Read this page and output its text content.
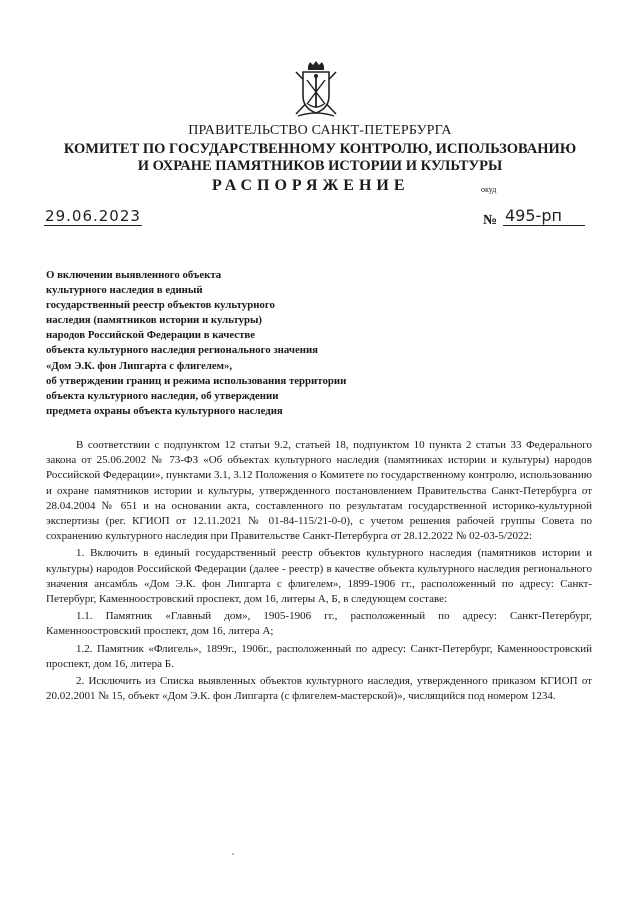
ПРАВИТЕЛЬСТВО САНКТ-ПЕТЕРБУРГА
КОМИТЕТ ПО ГОСУДАРСТВЕННОМУ КОНТРОЛЮ, ИСПОЛЬЗОВАНИЮ
И ОХРАНЕ ПАМЯТНИКОВ ИСТОРИИ И КУЛЬТУРЫ
РАСПОРЯЖЕНИЕ	окуд
29.06.2023	№ 495-рп
О включении выявленного объекта
культурного наследия в единый
государственный реестр объектов культурного
наследия (памятников истории и культуры)
народов Российской Федерации в качестве
объекта культурного наследия регионального значения
«Дом Э.К. фон Липгарта с флигелем»,
об утверждении границ и режима использования территории
объекта культурного наследия, об утверждении
предмета охраны объекта культурного наследия

В соответствии с подпунктом 12 статьи 9.2, статьей 18, подпунктом 10 пункта 2 статьи 33 Федерального закона от 25.06.2002 № 73-ФЗ «Об объектах культурного наследия (памятниках истории и культуры) народов Российской Федерации», пунктами 3.1, 3.12 Положения о Комитете по государственному контролю, использованию и охране памятников истории и культуры, утвержденного постановлением Правительства Санкт-Петербурга от 28.04.2004 № 651 и на основании акта, составленного по результатам государственной историко-культурной экспертизы (рег. КГИОП от 12.11.2021 № 01-84-115/21-0-0), с учетом решения рабочей группы Совета по сохранению культурного наследия при Правительстве Санкт-Петербурга от 28.12.2022 № 02-03-5/2022:

1. Включить в единый государственный реестр объектов культурного наследия (памятников истории и культуры) народов Российской Федерации (далее - реестр) в качестве объекта культурного наследия регионального значения ансамбль «Дом Э.К. фон Липгарта с флигелем», 1899-1906 гг., расположенный по адресу: Санкт-Петербург, Каменноостровский проспект, дом 16, литеры А, Б, в следующем составе:

1.1. Памятник «Главный дом», 1905-1906 гг., расположенный по адресу: Санкт-Петербург, Каменноостровский проспект, дом 16, литера А;

1.2. Памятник «Флигель», 1899г., 1906г., расположенный по адресу: Санкт-Петербург, Каменноостровский проспект, дом 16, литера Б.

2. Исключить из Списка выявленных объектов культурного наследия, утвержденного приказом КГИОП от 20.02.2001 № 15, объект «Дом Э.К. фон Липгарта (с флигелем-мастерской)», числящийся под номером 1234.
